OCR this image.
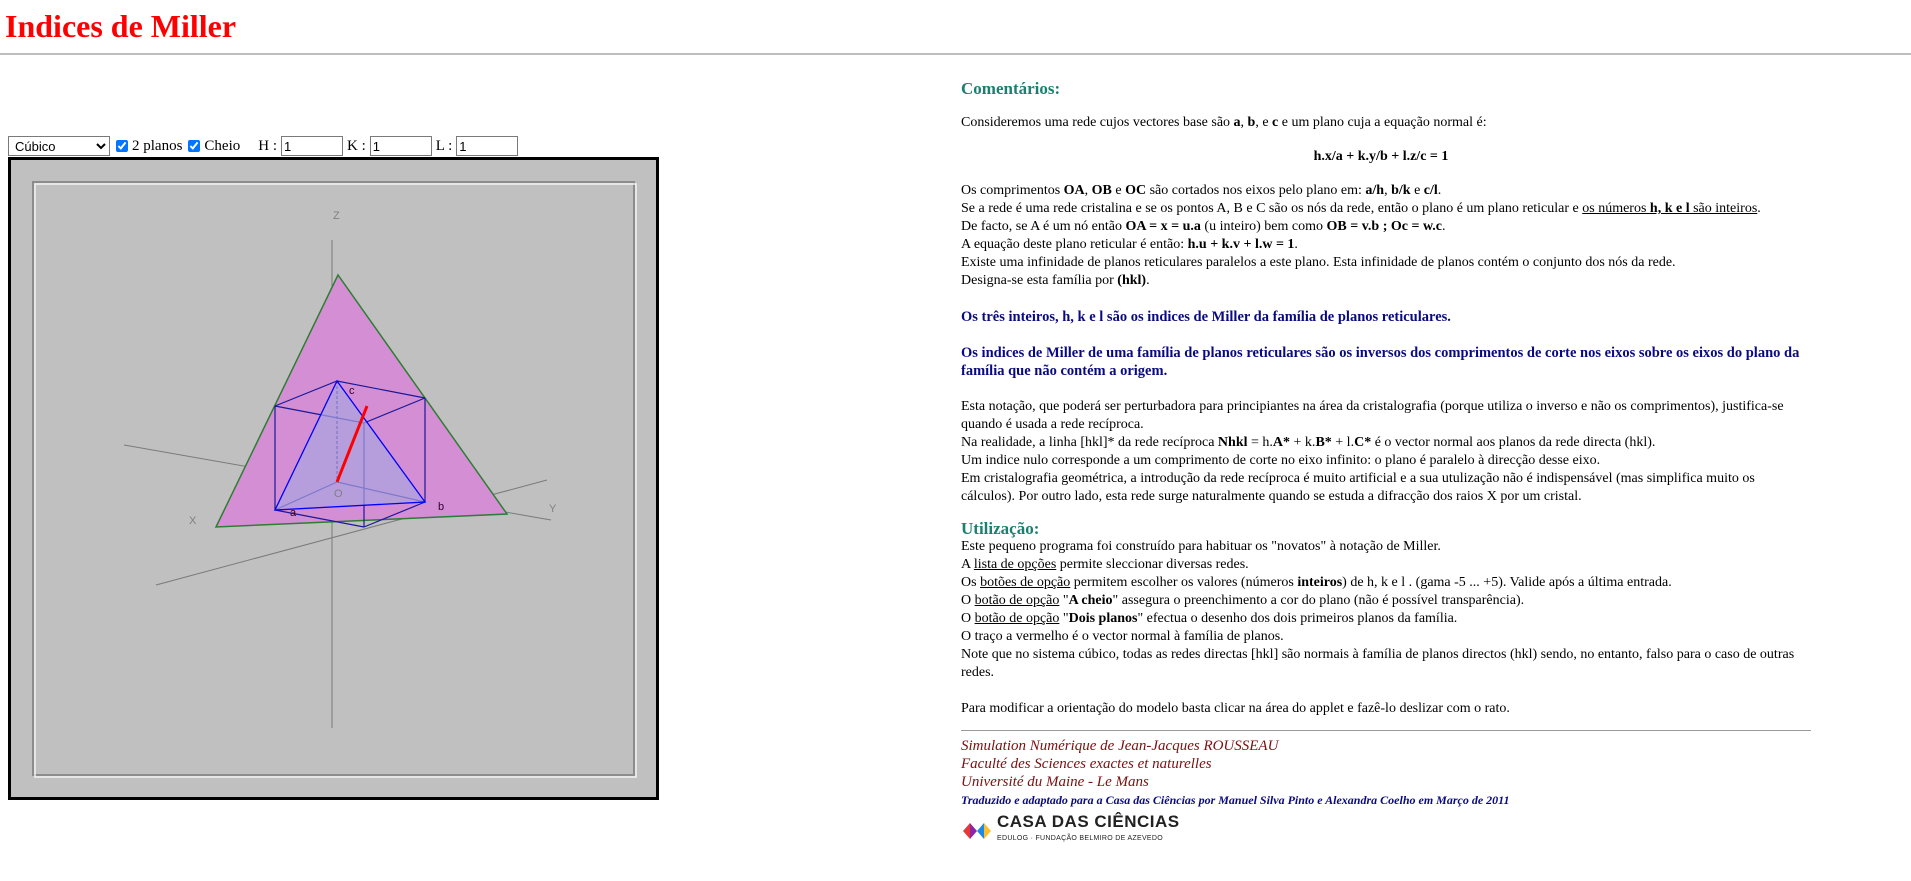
Indices de Miller
Cúbico
2 planos Cheio H :
1	K :
1	L :
1
Z
X
Y
O
a	b
c

Comentários:

Consideremos uma rede cujos vectores base são a, b, e c e um plano cuja a equação normal é:

h.x/a + k.y/b + l.z/c = 1

Os comprimentos OA, OB e OC são cortados nos eixos pelo plano em: a/h, b/k e c/l.

Se a rede é uma rede cristalina e se os pontos A, B e C são os nós da rede, então o plano é um plano reticular e os números h, k e l são inteiros.

De facto, se A é um nó então OA = x = u.a (u inteiro) bem como OB = v.b ; Oc = w.c.

A equação deste plano reticular é então: h.u + k.v + l.w = 1.

Existe uma infinidade de planos reticulares paralelos a este plano. Esta infinidade de planos contém o conjunto dos nós da rede.

Designa-se esta família por (hkl).

Os três inteiros, h, k e l são os indices de Miller da família de planos reticulares.

Os indices de Miller de uma família de planos reticulares são os inversos dos comprimentos de corte nos eixos sobre os eixos do plano da família que não contém a origem.

Esta notação, que poderá ser perturbadora para principiantes na área da cristalografia (porque utiliza o inverso e não os comprimentos), justifica-se quando é usada a rede recíproca.

Na realidade, a linha [hkl]* da rede recíproca Nhkl = h.A* + k.B* + l.C* é o vector normal aos planos da rede directa (hkl).

Um indice nulo corresponde a um comprimento de corte no eixo infinito: o plano é paralelo à direcção desse eixo.

Em cristalografia geométrica, a introdução da rede recíproca é muito artificial e a sua utulização não é indispensável (mas simplifica muito os cálculos). Por outro lado, esta rede surge naturalmente quando se estuda a difracção dos raios X por um cristal.

Utilização:

Este pequeno programa foi construído para habituar os "novatos" à notação de Miller.

A lista de opções permite sleccionar diversas redes.

Os botões de opção permitem escolher os valores (números inteiros) de h, k e l . (gama -5 ... +5). Valide após a última entrada.

O botão de opção "A cheio" assegura o preenchimento a cor do plano (não é possível transparência).

O botão de opção "Dois planos" efectua o desenho dos dois primeiros planos da família.

O traço a vermelho é o vector normal à família de planos.

Note que no sistema cúbico, todas as redes directas [hkl] são normais à família de planos directos (hkl) sendo, no entanto, falso para o caso de outras redes.

Para modificar a orientação do modelo basta clicar na área do applet e fazê-lo deslizar com o rato.

Simulation Numérique de Jean-Jacques ROUSSEAU

Faculté des Sciences exactes et naturelles

Université du Maine - Le Mans

Traduzido e adaptado para a Casa das Ciências por Manuel Silva Pinto e Alexandra Coelho em Março de 2011

CASA DAS CIÊNCIAS
EDULOG · FUNDAÇÃO BELMIRO DE AZEVEDO
